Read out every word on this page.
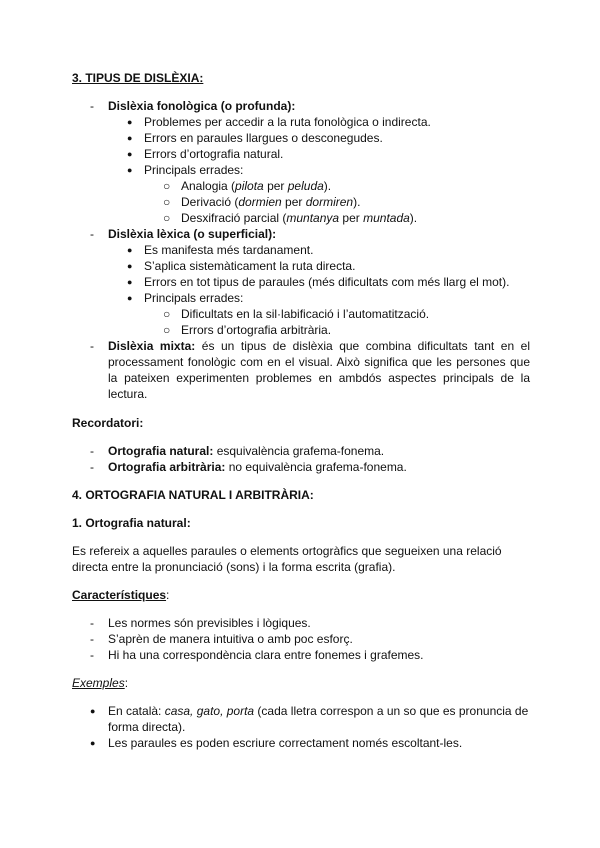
3. TIPUS DE DISLÈXIA:
- Dislèxia fonològica (o profunda):
● Problemes per accedir a la ruta fonològica o indirecta.
● Errors en paraules llargues o desconegudes.
● Errors d’ortografia natural.
● Principals errades:
○ Analogia (pilota per peluda).
○ Derivació (dormien per dormiren).
○ Desxifració parcial (muntanya per muntada).
- Dislèxia lèxica (o superficial):
● Es manifesta més tardanament.
● S’aplica sistemàticament la ruta directa.
● Errors en tot tipus de paraules (més dificultats com més llarg el mot).
● Principals errades:
○ Dificultats en la sil·labificació i l’automatització.
○ Errors d’ortografia arbitrària.
- Dislèxia mixta: és un tipus de dislèxia que combina dificultats tant en el processament fonològic com en el visual. Això significa que les persones que la pateixen experimenten problemes en ambdós aspectes principals de la lectura.
Recordatori:
- Ortografia natural: esquivalència grafema-fonema.
- Ortografia arbitrària: no equivalència grafema-fonema.
4. ORTOGRAFIA NATURAL I ARBITRÀRIA:
1. Ortografia natural:
Es refereix a aquelles paraules o elements ortogràfics que segueixen una relació directa entre la pronunciació (sons) i la forma escrita (grafia).
Característiques:
- Les normes són previsibles i lògiques.
- S’aprèn de manera intuitiva o amb poc esforç.
- Hi ha una correspondència clara entre fonemes i grafemes.
Exemples:
● En català: casa, gato, porta (cada lletra correspon a un so que es pronuncia de forma directa).
● Les paraules es poden escriure correctament només escoltant-les.
